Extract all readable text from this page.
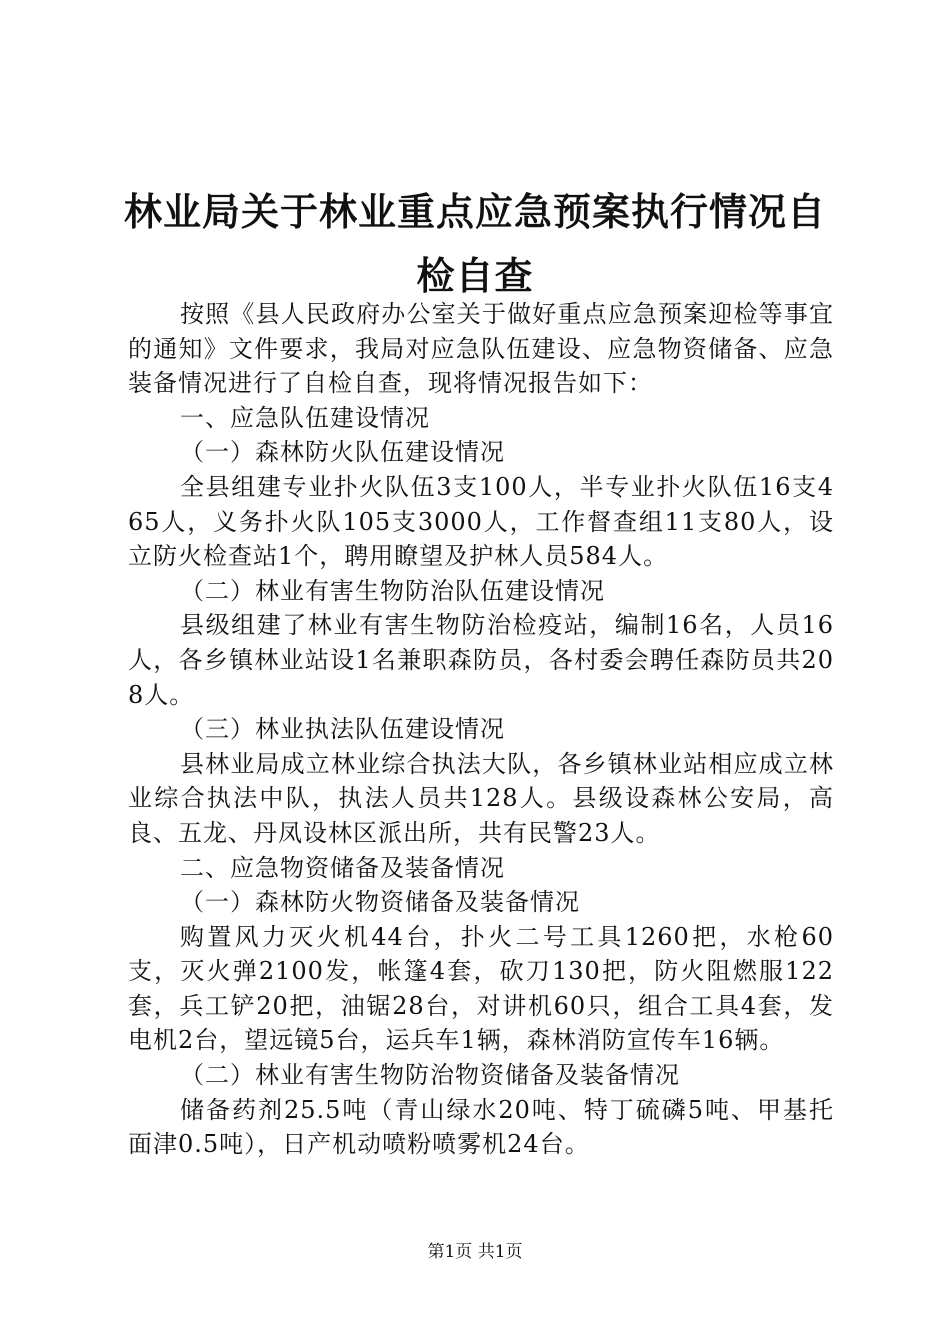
林业局关于林业重点应急预案执行情况自检自查

按照《县人民政府办公室关于做好重点应急预案迎检等事宜的通知》文件要求，我局对应急队伍建设、应急物资储备、应急装备情况进行了自检自查，现将情况报告如下：

一、应急队伍建设情况

（一）森林防火队伍建设情况

全县组建专业扑火队伍3支100人，半专业扑火队伍16支465人，义务扑火队105支3000人，工作督查组11支80人，设立防火检查站1个，聘用瞭望及护林人员584人。

（二）林业有害生物防治队伍建设情况

县级组建了林业有害生物防治检疫站，编制16名，人员16人，各乡镇林业站设1名兼职森防员，各村委会聘任森防员共208人。

（三）林业执法队伍建设情况

县林业局成立林业综合执法大队，各乡镇林业站相应成立林业综合执法中队，执法人员共128人。县级设森林公安局，高良、五龙、丹凤设林区派出所，共有民警23人。

二、应急物资储备及装备情况

（一）森林防火物资储备及装备情况

购置风力灭火机44台，扑火二号工具1260把，水枪60支，灭火弹2100发，帐篷4套，砍刀130把，防火阻燃服122套，兵工铲20把，油锯28台，对讲机60只，组合工具4套，发电机2台，望远镜5台，运兵车1辆，森林消防宣传车16辆。

（二）林业有害生物防治物资储备及装备情况

储备药剂25.5吨（青山绿水20吨、特丁硫磷5吨、甲基托面津0.5吨），日产机动喷粉喷雾机24台。

第1页 共1页
